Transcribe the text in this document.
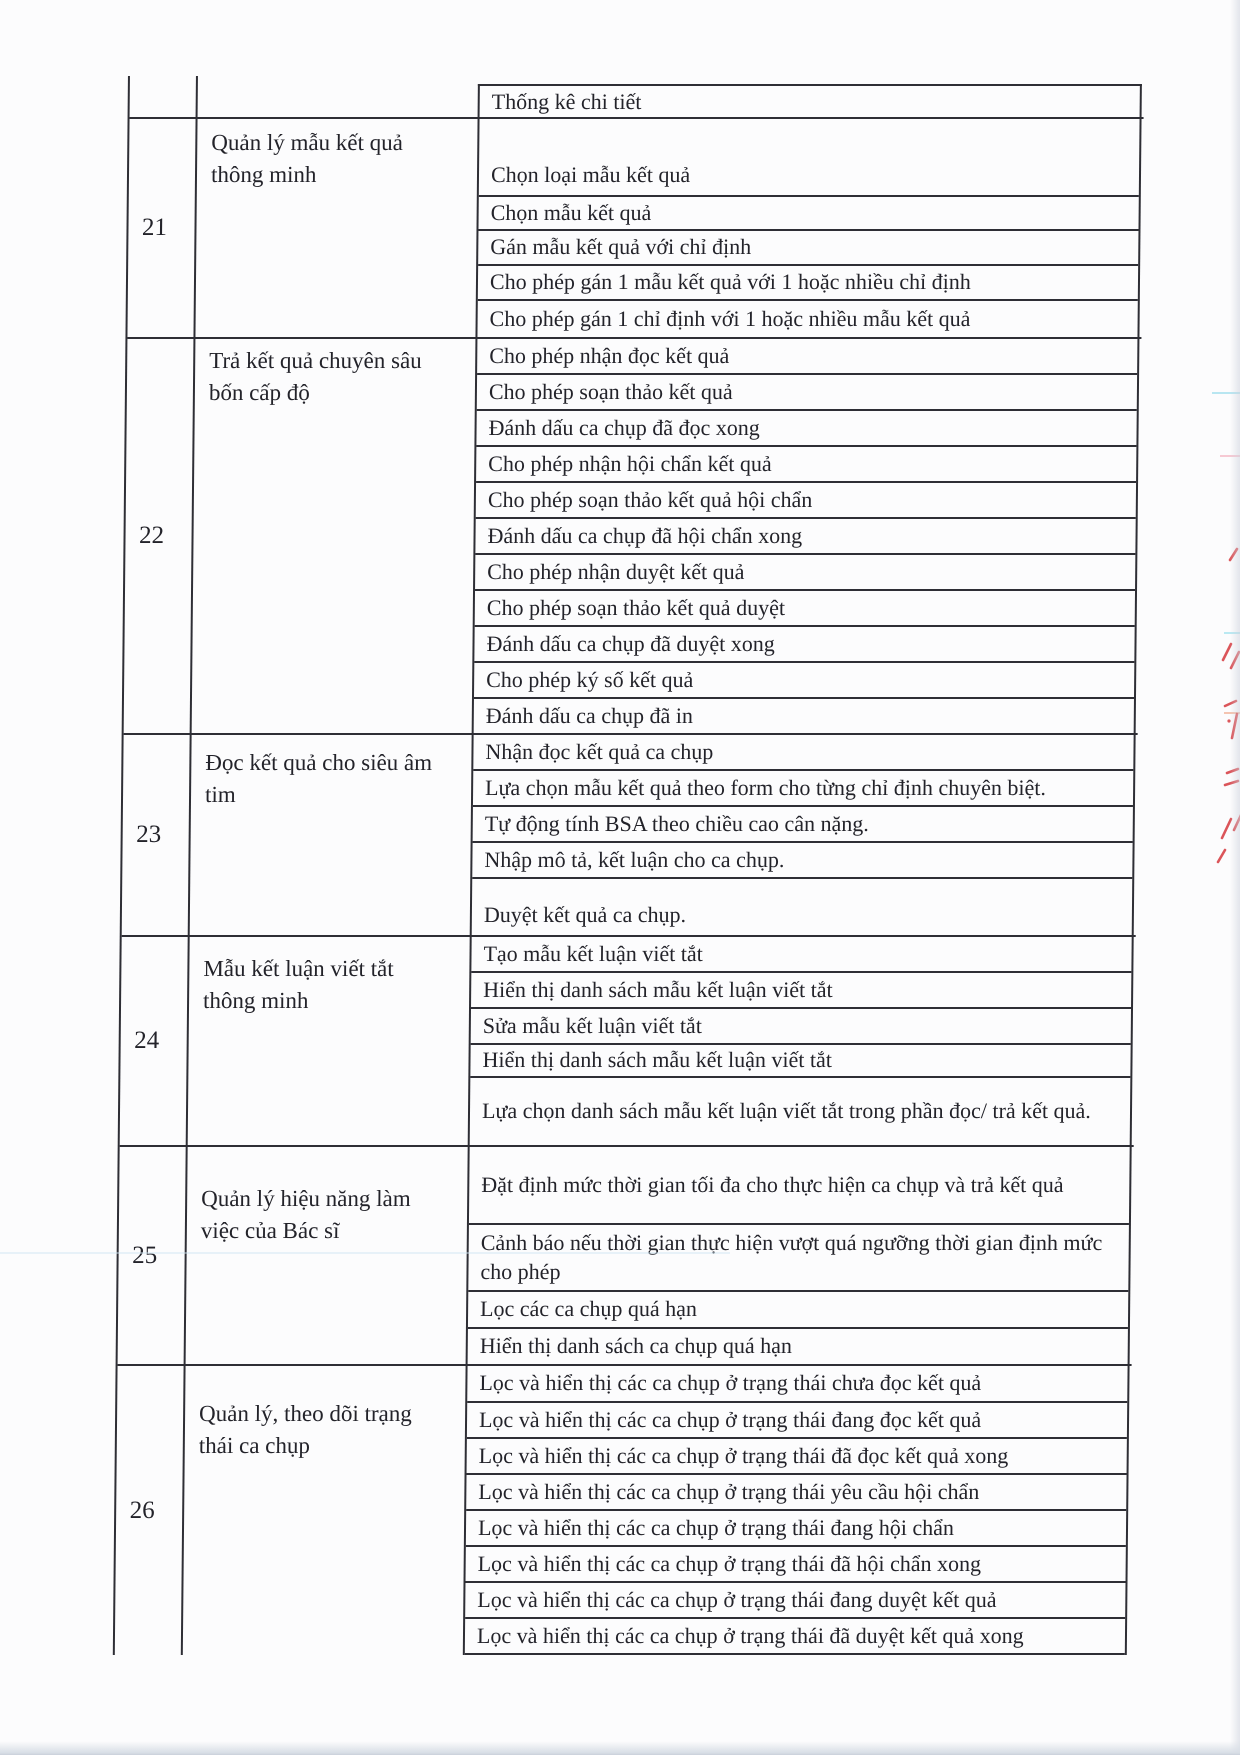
Thống kê chi tiết
21
Quản lý mẫu kết quả thông minh	Chọn loại mẫu kết quả
Chọn mẫu kết quả
Gán mẫu kết quả với chỉ định
Cho phép gán 1 mẫu kết quả với 1 hoặc nhiều chỉ định
Cho phép gán 1 chỉ định với 1 hoặc nhiều mẫu kết quả
22
Trả kết quả chuyên sâu bốn cấp độ
Cho phép nhận đọc kết quả
Cho phép soạn thảo kết quả
Đánh dấu ca chụp đã đọc xong
Cho phép nhận hội chẩn kết quả
Cho phép soạn thảo kết quả hội chẩn
Đánh dấu ca chụp đã hội chẩn xong
Cho phép nhận duyệt kết quả
Cho phép soạn thảo kết quả duyệt
Đánh dấu ca chụp đã duyệt xong
Cho phép ký số kết quả
Đánh dấu ca chụp đã in
23
Đọc kết quả cho siêu âm tim
Nhận đọc kết quả ca chụp
Lựa chọn mẫu kết quả theo form cho từng chỉ định chuyên biệt.
Tự động tính BSA theo chiều cao cân nặng.
Nhập mô tả, kết luận cho ca chụp.
Duyệt kết quả ca chụp.
24
Mẫu kết luận viết tắt thông minh
Tạo mẫu kết luận viết tắt
Hiển thị danh sách mẫu kết luận viết tắt
Sửa mẫu kết luận viết tắt
Hiển thị danh sách mẫu kết luận viết tắt
Lựa chọn danh sách mẫu kết luận viết tắt trong phần đọc/ trả kết quả.
25
Quản lý hiệu năng làm việc của Bác sĩ
Đặt định mức thời gian tối đa cho thực hiện ca chụp và trả kết quả
Cảnh báo nếu thời gian thực hiện vượt quá ngưỡng thời gian định mức cho phép
Lọc các ca chụp quá hạn
Hiển thị danh sách ca chụp quá hạn
26
Quản lý, theo dõi trạng thái ca chụp
Lọc và hiển thị các ca chụp ở trạng thái chưa đọc kết quả
Lọc và hiển thị các ca chụp ở trạng thái đang đọc kết quả
Lọc và hiển thị các ca chụp ở trạng thái đã đọc kết quả xong
Lọc và hiển thị các ca chụp ở trạng thái yêu cầu hội chẩn
Lọc và hiển thị các ca chụp ở trạng thái đang hội chẩn
Lọc và hiển thị các ca chụp ở trạng thái đã hội chẩn xong
Lọc và hiển thị các ca chụp ở trạng thái đang duyệt kết quả
Lọc và hiển thị các ca chụp ở trạng thái đã duyệt kết quả xong
